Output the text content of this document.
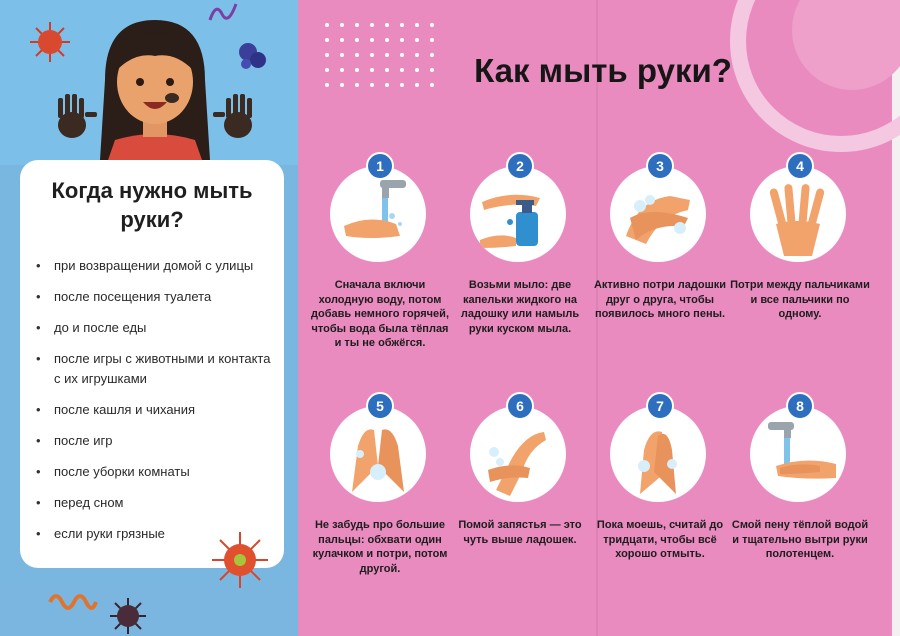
Когда нужно мыть руки?
• при возвращении домой с улицы
• после посещения туалета
• до и после еды
• после игры с животными и контакта с их игрушками
• после кашля и чихания
• после игр
• после уборки комнаты
• перед сном
• если руки грязные
Как мыть руки?
1
Сначала включи холодную воду, потом добавь немного горячей, чтобы вода была тёплая и ты не обжёгся.
2
Возьми мыло: две капельки жидкого на ладошку или намыль руки куском мыла.
3
Активно потри ладошки друг о друга, чтобы появилось много пены.
4
Потри между пальчиками и все пальчики по одному.
5
Не забудь про большие пальцы: обхвати один кулачком и потри, потом другой.
6
Помой запястья — это чуть выше ладошек.
7
Пока моешь, считай до тридцати, чтобы всё хорошо отмыть.
8
Смой пену тёплой водой и тщательно вытри руки полотенцем.
